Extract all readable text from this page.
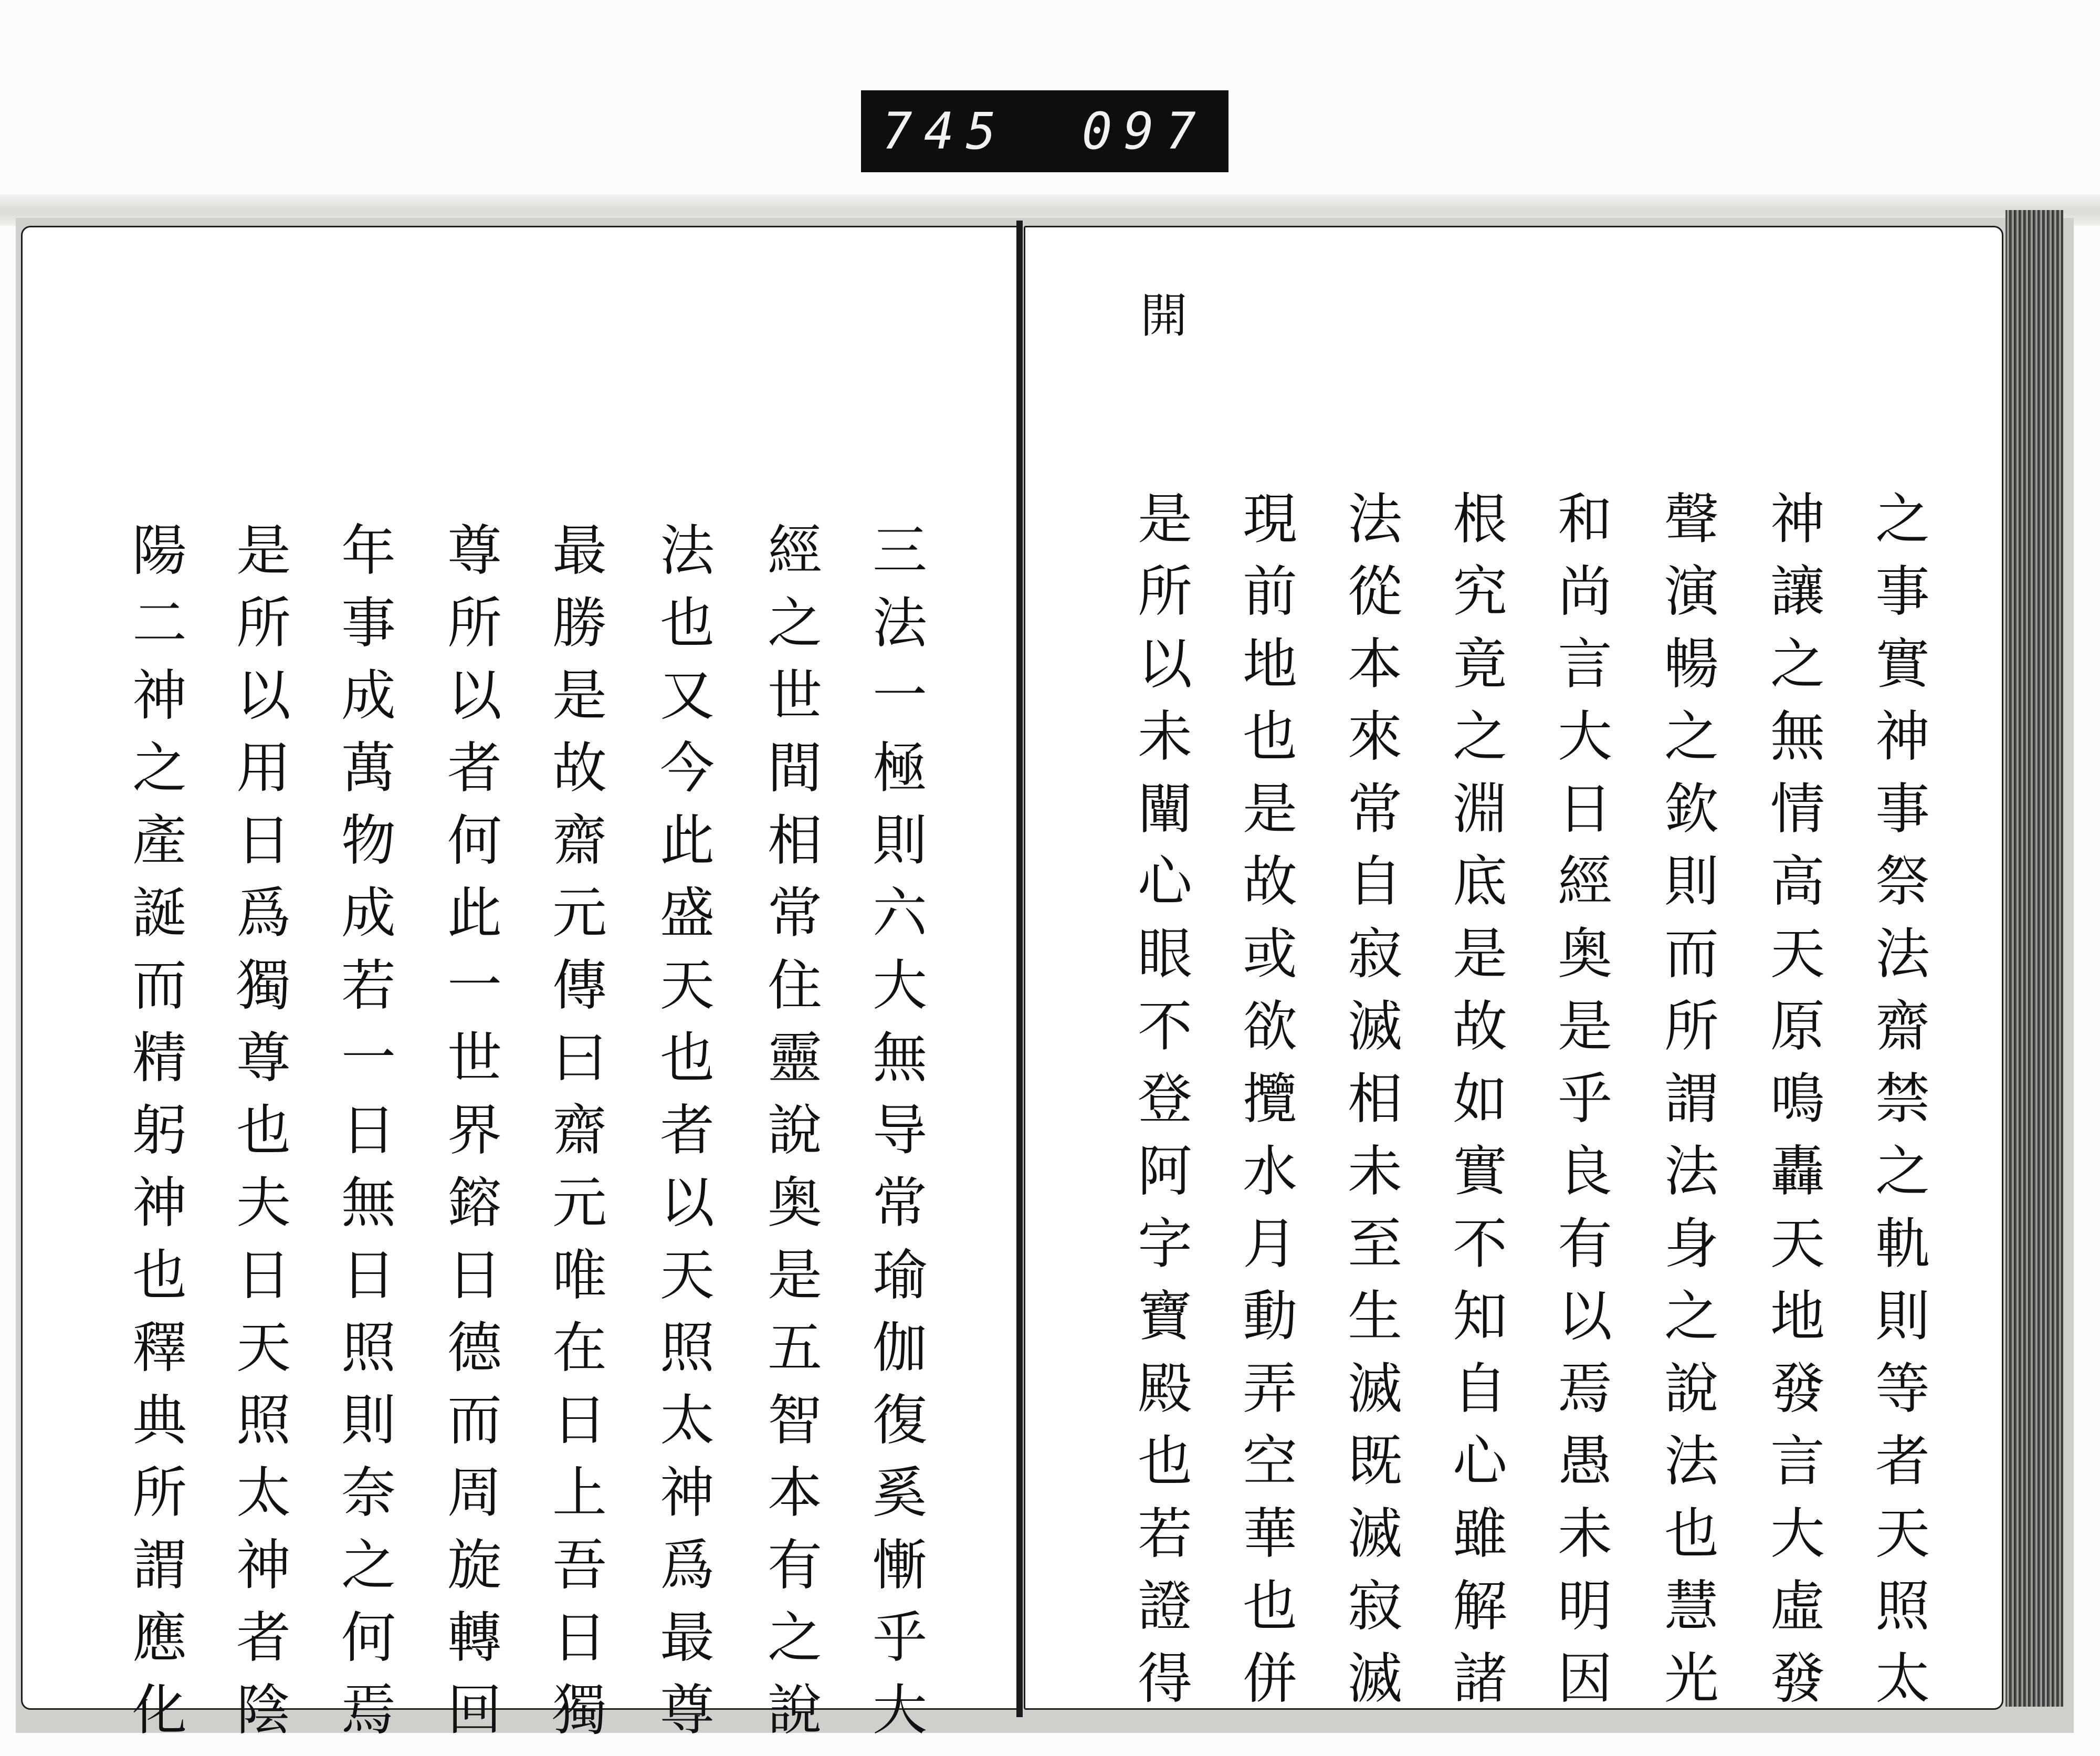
745 097
三法一極則六大無导常瑜伽復奚慚乎大
經之世間相常住靈說奥是五智本有之說
法也又今此盛天也者以天照太神爲最尊
最勝是故齋元傳曰齋元唯在日上吾日獨
尊所以者何此一世界鎔日德而周旋轉回
年事成萬物成若一日無日照則奈之何焉
是所以用日爲獨尊也夫日天照太神者陰
陽二神之產誕而精躬神也釋典所謂應化
開
之事實神事祭法齋禁之軌則等者天照太
神讓之無情高天原鳴轟天地發言大虛發
聲演暢之欽則而所謂法身之說法也慧光
和尚言大日經奥是乎良有以焉愚未明因
根究竟之淵底是故如實不知自心雖解諸
法從本來常自寂滅相未至生滅既滅寂滅
現前地也是故或欲攬水月動弄空華也併
是所以未闡心眼不登阿字寶殿也若證得
